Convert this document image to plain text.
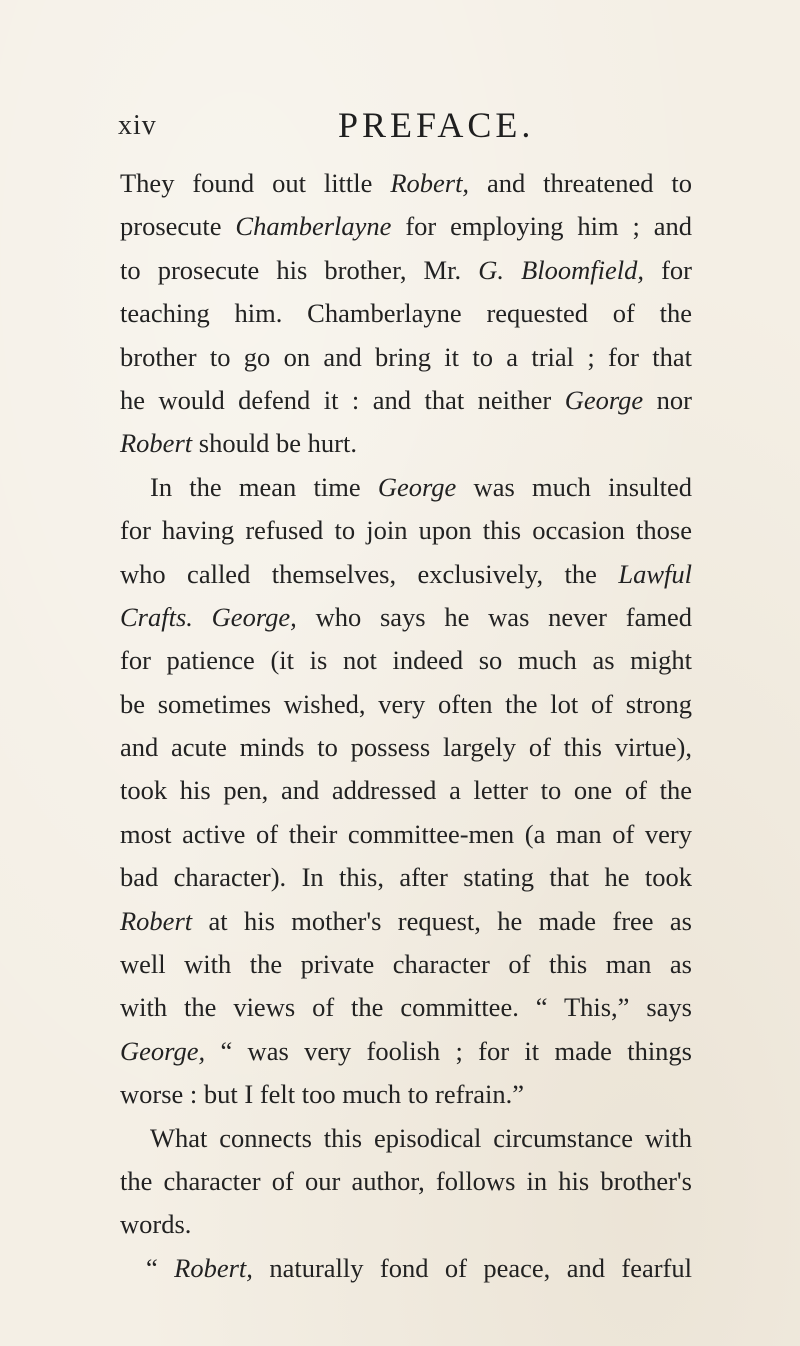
xiv	PREFACE.
They found out little Robert, and threatened to
prosecute Chamberlayne for employing him ; and
to prosecute his brother, Mr. G. Bloomfield, for
teaching him. Chamberlayne requested of the
brother to go on and bring it to a trial ; for that
he would defend it : and that neither George nor
Robert should be hurt.
In the mean time George was much insulted
for having refused to join upon this occasion those
who called themselves, exclusively, the Lawful
Crafts. George, who says he was never famed
for patience (it is not indeed so much as might
be sometimes wished, very often the lot of strong
and acute minds to possess largely of this virtue),
took his pen, and addressed a letter to one of the
most active of their committee-men (a man of very
bad character). In this, after stating that he took
Robert at his mother's request, he made free as
well with the private character of this man as
with the views of the committee. “ This,” says
George, “ was very foolish ; for it made things
worse : but I felt too much to refrain.”
What connects this episodical circumstance with
the character of our author, follows in his brother's
words.
“ Robert, naturally fond of peace, and fearful
